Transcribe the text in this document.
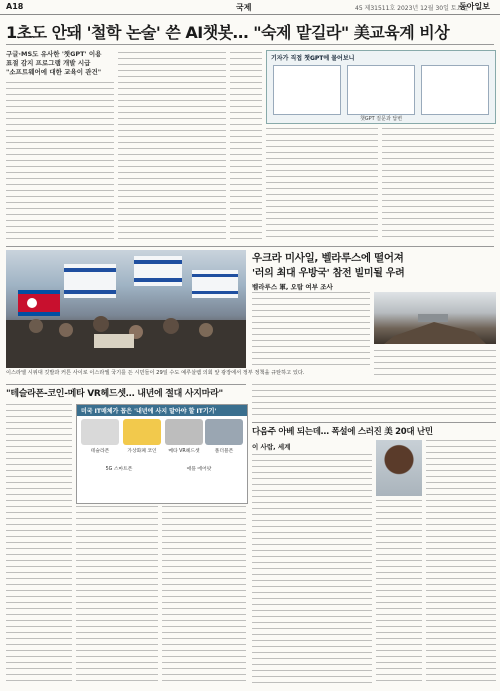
A18	국제	45 제31511호 2023년 12월 30일 토요일
동아일보
1초도 안돼 '철학 논술' 쓴 AI챗봇… "숙제 맡길라" 美교육계 비상
구글·MS도 유사한 '챗GPT' 이용
표절 감지 프로그램 개발 시급
"소프트웨어에 대한 교육이 관건"
기자가 직접 챗GPT에 물어보니
챗GPT 질문과 답변
이스라엘 시위대 깃발과 커튼 사이로 이스라엘 국기를 든 시민들이 29일 수도 예루살렘 의회 앞 광장에서 정부 정책을 규탄하고 있다.
우크라 미사일, 벨라루스에 떨어져
'러의 최대 우방국' 참전 빌미될 우려
벨라루스 軍, 오탐 여부 조사
"테슬라폰-코인-메타 VR헤드셋… 내년에 절대 사지마라"
미국 IT매체가 꼽은 '내년에 사지 말아야 할 IT기기'
테슬라폰	가상화폐 코인	메타 VR헤드셋	폴더블폰
5G 스마트폰	애플 에어팟
다음주 아베 되는데… 폭설에 스러진 美 20대 난민
이 사람, 세계
